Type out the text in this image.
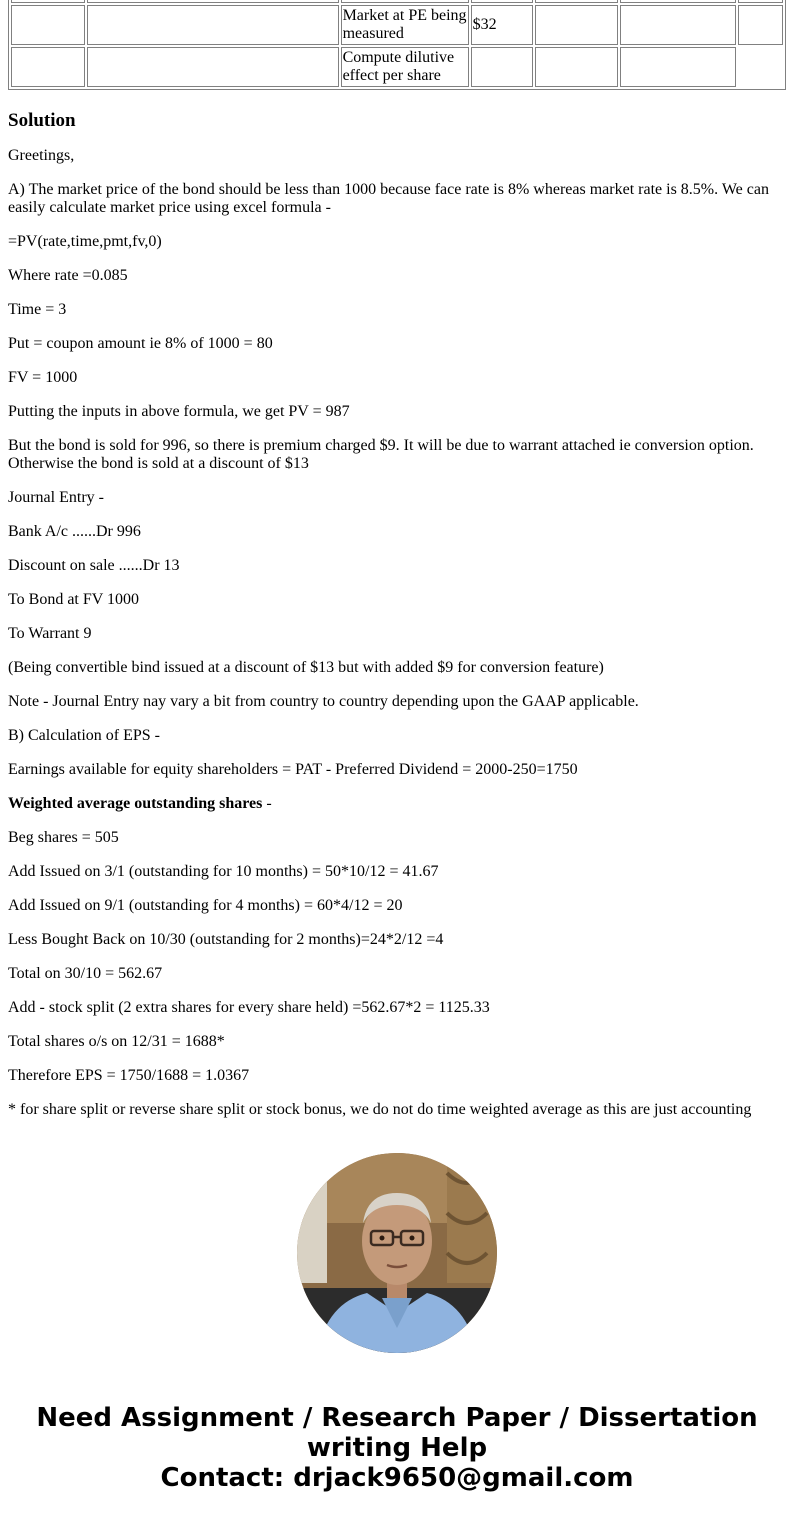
		Market at PE being measured	$32			
		Compute dilutive effect per share				
Solution

Greetings,

A) The market price of the bond should be less than 1000 because face rate is 8% whereas market rate is 8.5%. We can easily calculate market price using excel formula -

=PV(rate,time,pmt,fv,0)

Where rate =0.085

Time = 3

Put = coupon amount ie 8% of 1000 = 80

FV = 1000

Putting the inputs in above formula, we get PV = 987

But the bond is sold for 996, so there is premium charged $9. It will be due to warrant attached ie conversion option. Otherwise the bond is sold at a discount of $13

Journal Entry -

Bank A/c ......Dr 996

Discount on sale ......Dr 13

To Bond at FV 1000

To Warrant 9

(Being convertible bind issued at a discount of $13 but with added $9 for conversion feature)

Note - Journal Entry nay vary a bit from country to country depending upon the GAAP applicable.

B) Calculation of EPS -

Earnings available for equity shareholders = PAT - Preferred Dividend = 2000-250=1750

Weighted average outstanding shares -

Beg shares = 505

Add Issued on 3/1 (outstanding for 10 months) = 50*10/12 = 41.67

Add Issued on 9/1 (outstanding for 4 months) = 60*4/12 = 20

Less Bought Back on 10/30 (outstanding for 2 months)=24*2/12 =4

Total on 30/10 = 562.67

Add - stock split (2 extra shares for every share held) =562.67*2 = 1125.33

Total shares o/s on 12/31 = 1688*

Therefore EPS = 1750/1688 = 1.0367

* for share split or reverse share split or stock bonus, we do not do time weighted average as this are just accounting

Need Assignment / Research Paper / Dissertation
writing Help
Contact: drjack9650@gmail.com
